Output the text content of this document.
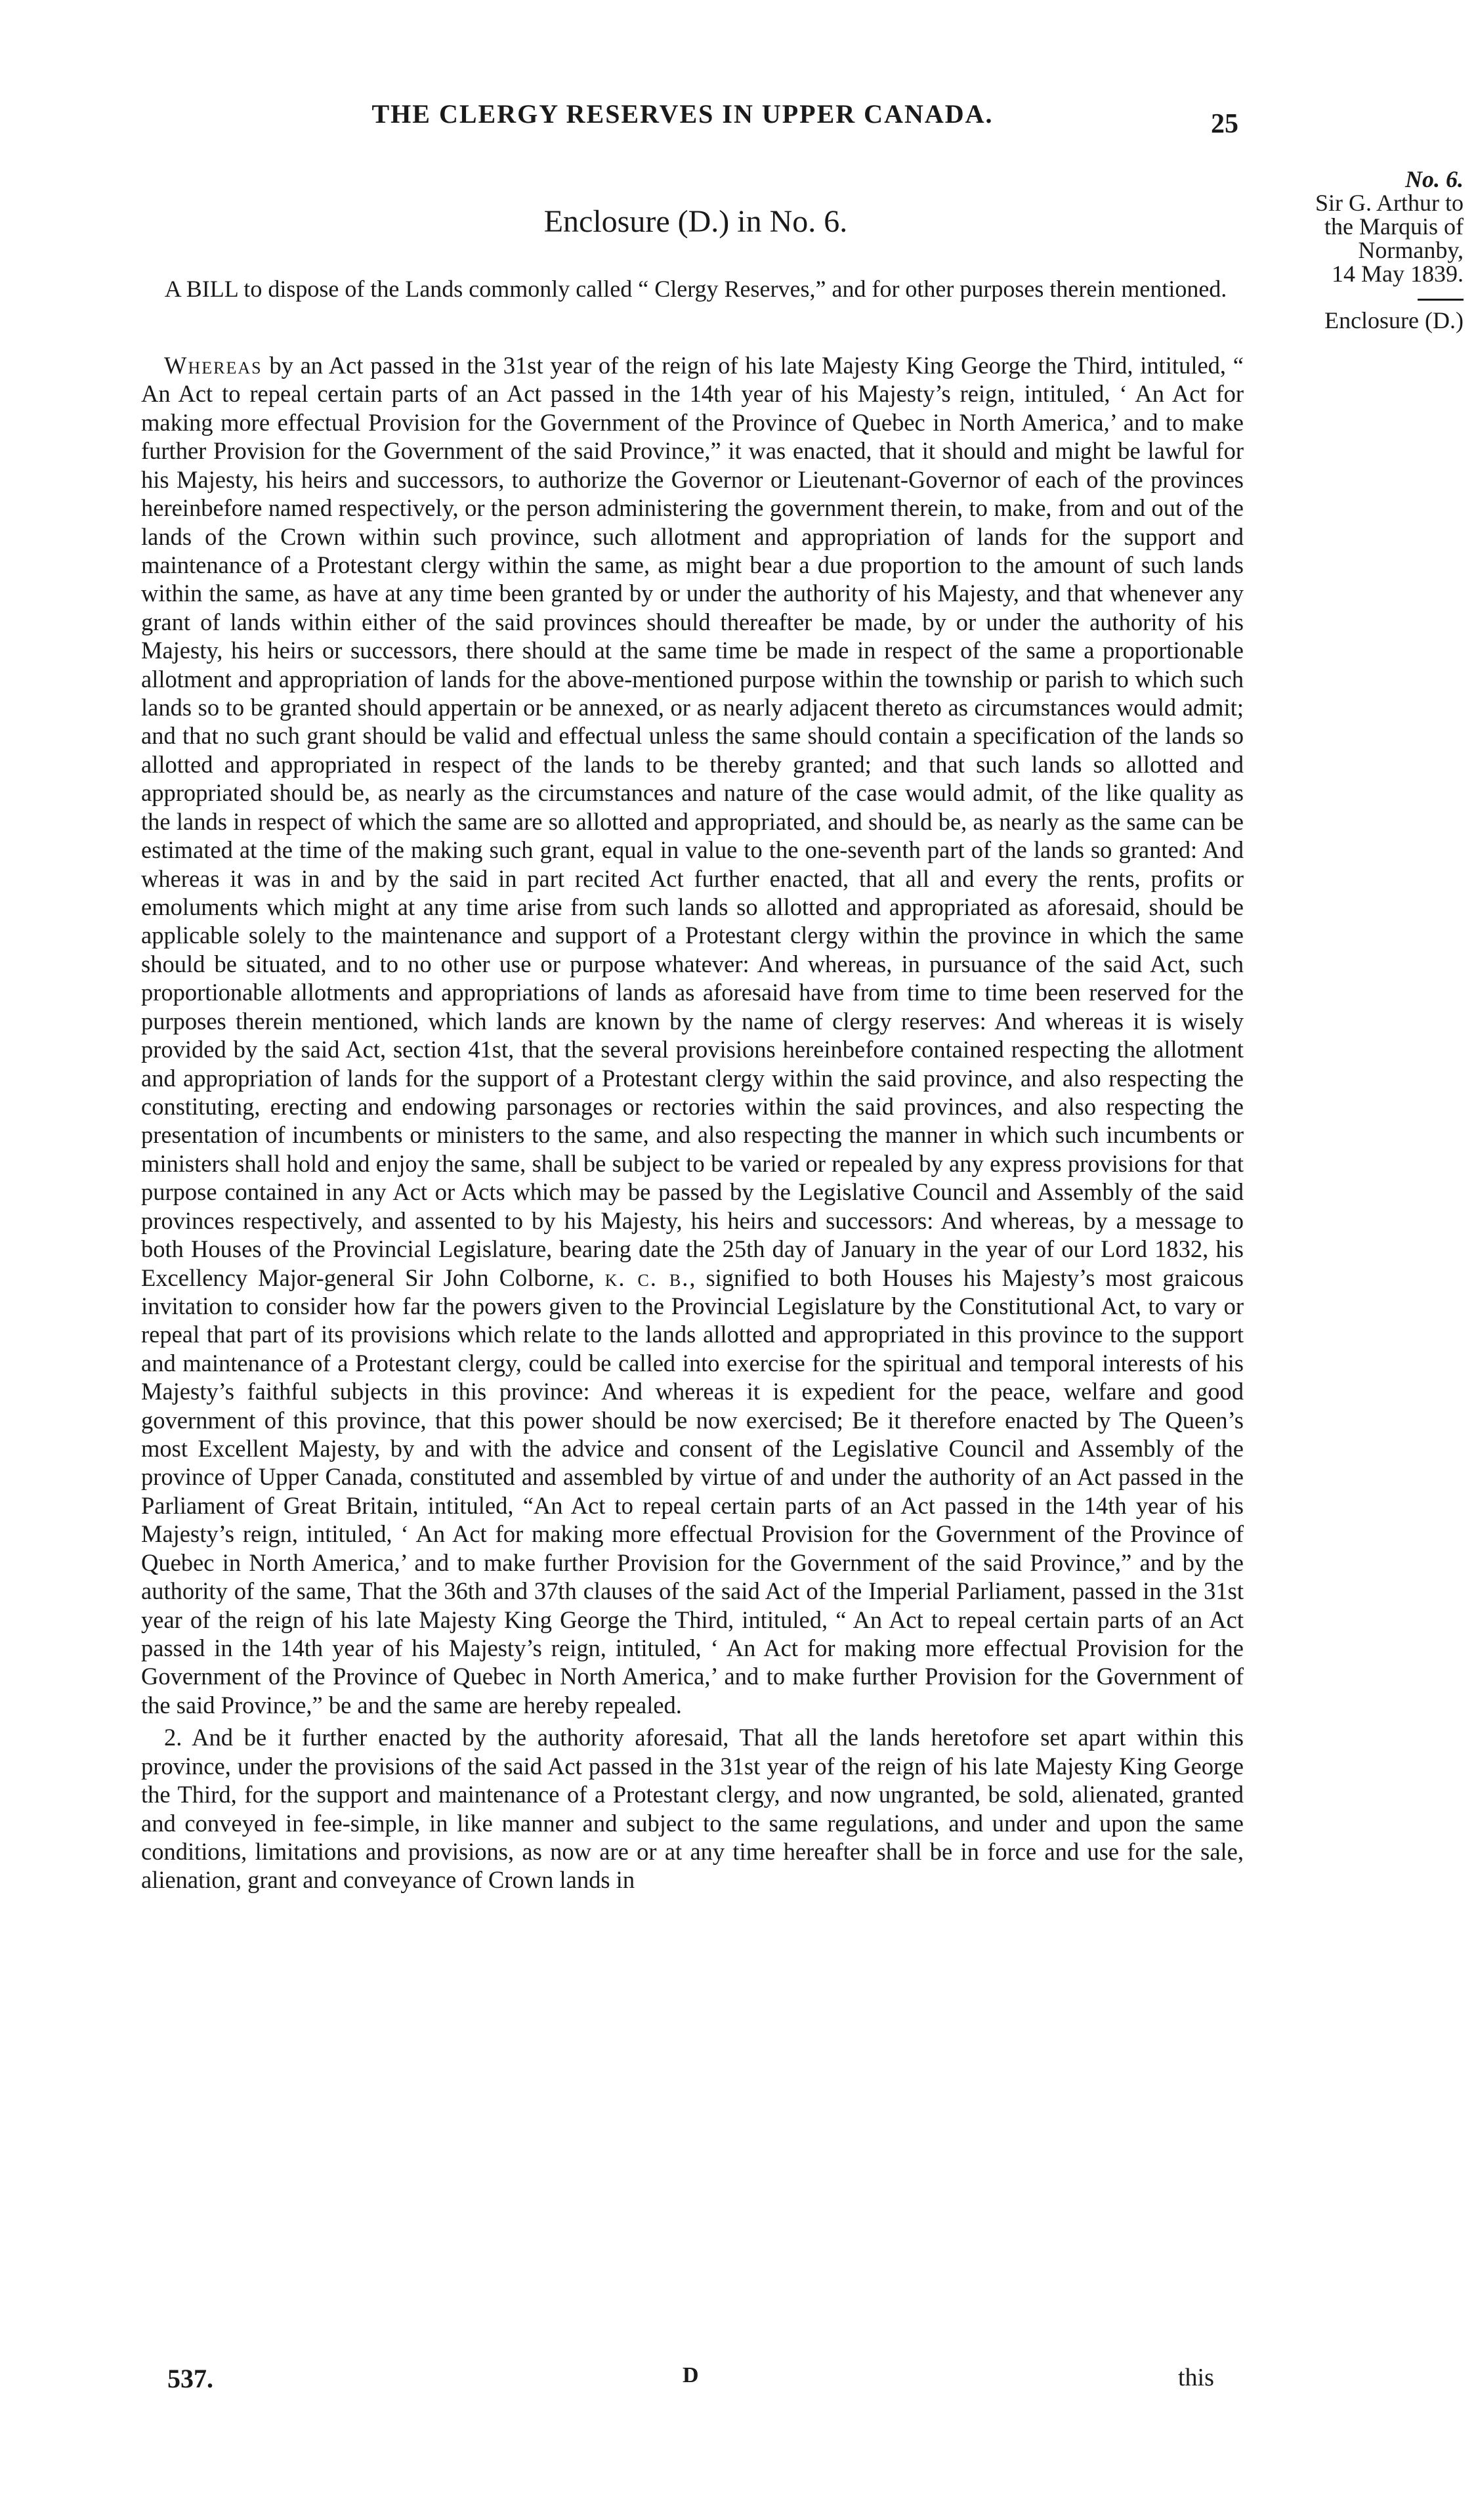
THE CLERGY RESERVES IN UPPER CANADA.	25
No. 6.
Sir G. Arthur to
the Marquis of
Normanby,
14 May 1839.
Enclosure (D.)
Enclosure (D.) in No. 6.
A BILL to dispose of the Lands commonly called “ Clergy Reserves,” and for other purposes therein mentioned.

Whereas by an Act passed in the 31st year of the reign of his late Majesty King George the Third, intituled, “ An Act to repeal certain parts of an Act passed in the 14th year of his Majesty’s reign, intituled, ‘ An Act for making more effectual Provision for the Government of the Province of Quebec in North America,’ and to make further Provision for the Government of the said Province,” it was enacted, that it should and might be lawful for his Majesty, his heirs and successors, to authorize the Governor or Lieutenant-Governor of each of the provinces hereinbefore named respectively, or the person administering the government therein, to make, from and out of the lands of the Crown within such province, such allotment and appropriation of lands for the support and maintenance of a Protestant clergy within the same, as might bear a due proportion to the amount of such lands within the same, as have at any time been granted by or under the authority of his Majesty, and that whenever any grant of lands within either of the said provinces should thereafter be made, by or under the authority of his Majesty, his heirs or successors, there should at the same time be made in respect of the same a proportionable allotment and appropriation of lands for the above-mentioned purpose within the township or parish to which such lands so to be granted should appertain or be annexed, or as nearly adjacent thereto as circumstances would admit; and that no such grant should be valid and effectual unless the same should contain a specification of the lands so allotted and appropriated in respect of the lands to be thereby granted; and that such lands so allotted and appropriated should be, as nearly as the circumstances and nature of the case would admit, of the like quality as the lands in respect of which the same are so allotted and appropriated, and should be, as nearly as the same can be estimated at the time of the making such grant, equal in value to the one-seventh part of the lands so granted: And whereas it was in and by the said in part recited Act further enacted, that all and every the rents, profits or emoluments which might at any time arise from such lands so allotted and appropriated as aforesaid, should be applicable solely to the maintenance and support of a Protestant clergy within the province in which the same should be situated, and to no other use or purpose whatever: And whereas, in pursuance of the said Act, such proportionable allotments and appropriations of lands as aforesaid have from time to time been reserved for the purposes therein mentioned, which lands are known by the name of clergy reserves: And whereas it is wisely provided by the said Act, section 41st, that the several provisions hereinbefore contained respecting the allotment and appropriation of lands for the support of a Protestant clergy within the said province, and also respecting the constituting, erecting and endowing parsonages or rectories within the said provinces, and also respecting the presentation of incumbents or ministers to the same, and also respecting the manner in which such incumbents or ministers shall hold and enjoy the same, shall be subject to be varied or repealed by any express provisions for that purpose contained in any Act or Acts which may be passed by the Legislative Council and Assembly of the said provinces respectively, and assented to by his Majesty, his heirs and successors: And whereas, by a message to both Houses of the Provincial Legislature, bearing date the 25th day of January in the year of our Lord 1832, his Excellency Major-general Sir John Colborne, k. c. b., signified to both Houses his Majesty’s most graicous invitation to consider how far the powers given to the Provincial Legislature by the Constitutional Act, to vary or repeal that part of its provisions which relate to the lands allotted and appropriated in this province to the support and maintenance of a Protestant clergy, could be called into exercise for the spiritual and temporal interests of his Majesty’s faithful subjects in this province: And whereas it is expedient for the peace, welfare and good government of this province, that this power should be now exercised; Be it therefore enacted by The Queen’s most Excellent Majesty, by and with the advice and consent of the Legislative Council and Assembly of the province of Upper Canada, constituted and assembled by virtue of and under the authority of an Act passed in the Parliament of Great Britain, intituled, “An Act to repeal certain parts of an Act passed in the 14th year of his Majesty’s reign, intituled, ‘ An Act for making more effectual Provision for the Government of the Province of Quebec in North America,’ and to make further Provision for the Government of the said Province,” and by the authority of the same, That the 36th and 37th clauses of the said Act of the Imperial Parliament, passed in the 31st year of the reign of his late Majesty King George the Third, intituled, “ An Act to repeal certain parts of an Act passed in the 14th year of his Majesty’s reign, intituled, ‘ An Act for making more effectual Provision for the Government of the Province of Quebec in North America,’ and to make further Provision for the Government of the said Province,” be and the same are hereby repealed.

2. And be it further enacted by the authority aforesaid, That all the lands heretofore set apart within this province, under the provisions of the said Act passed in the 31st year of the reign of his late Majesty King George the Third, for the support and maintenance of a Protestant clergy, and now ungranted, be sold, alienated, granted and conveyed in fee-simple, in like manner and subject to the same regulations, and under and upon the same conditions, limitations and provisions, as now are or at any time hereafter shall be in force and use for the sale, alienation, grant and conveyance of Crown lands in

537.	D	this
